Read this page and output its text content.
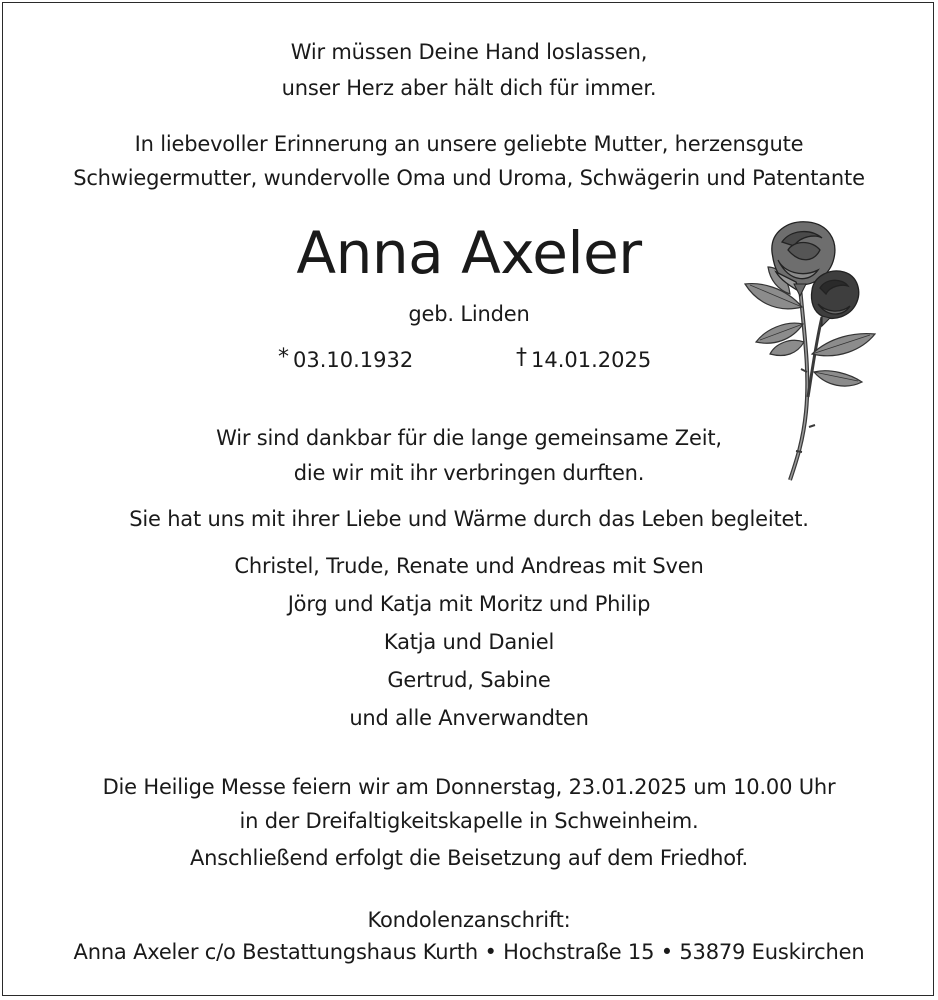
Wir müssen Deine Hand loslassen,
unser Herz aber hält dich für immer.
In liebevoller Erinnerung an unsere geliebte Mutter, herzensgute
Schwiegermutter, wundervolle Oma und Uroma, Schwägerin und Patentante
Anna Axeler
geb. Linden
* 03.10.1932	† 14.01.2025
Wir sind dankbar für die lange gemeinsame Zeit,
die wir mit ihr verbringen durften.
Sie hat uns mit ihrer Liebe und Wärme durch das Leben begleitet.
Christel, Trude, Renate und Andreas mit Sven
Jörg und Katja mit Moritz und Philip
Katja und Daniel
Gertrud, Sabine
und alle Anverwandten
Die Heilige Messe feiern wir am Donnerstag, 23.01.2025 um 10.00 Uhr
in der Dreifaltigkeitskapelle in Schweinheim.
Anschließend erfolgt die Beisetzung auf dem Friedhof.
Kondolenzanschrift:
Anna Axeler c/o Bestattungshaus Kurth • Hochstraße 15 • 53879 Euskirchen
